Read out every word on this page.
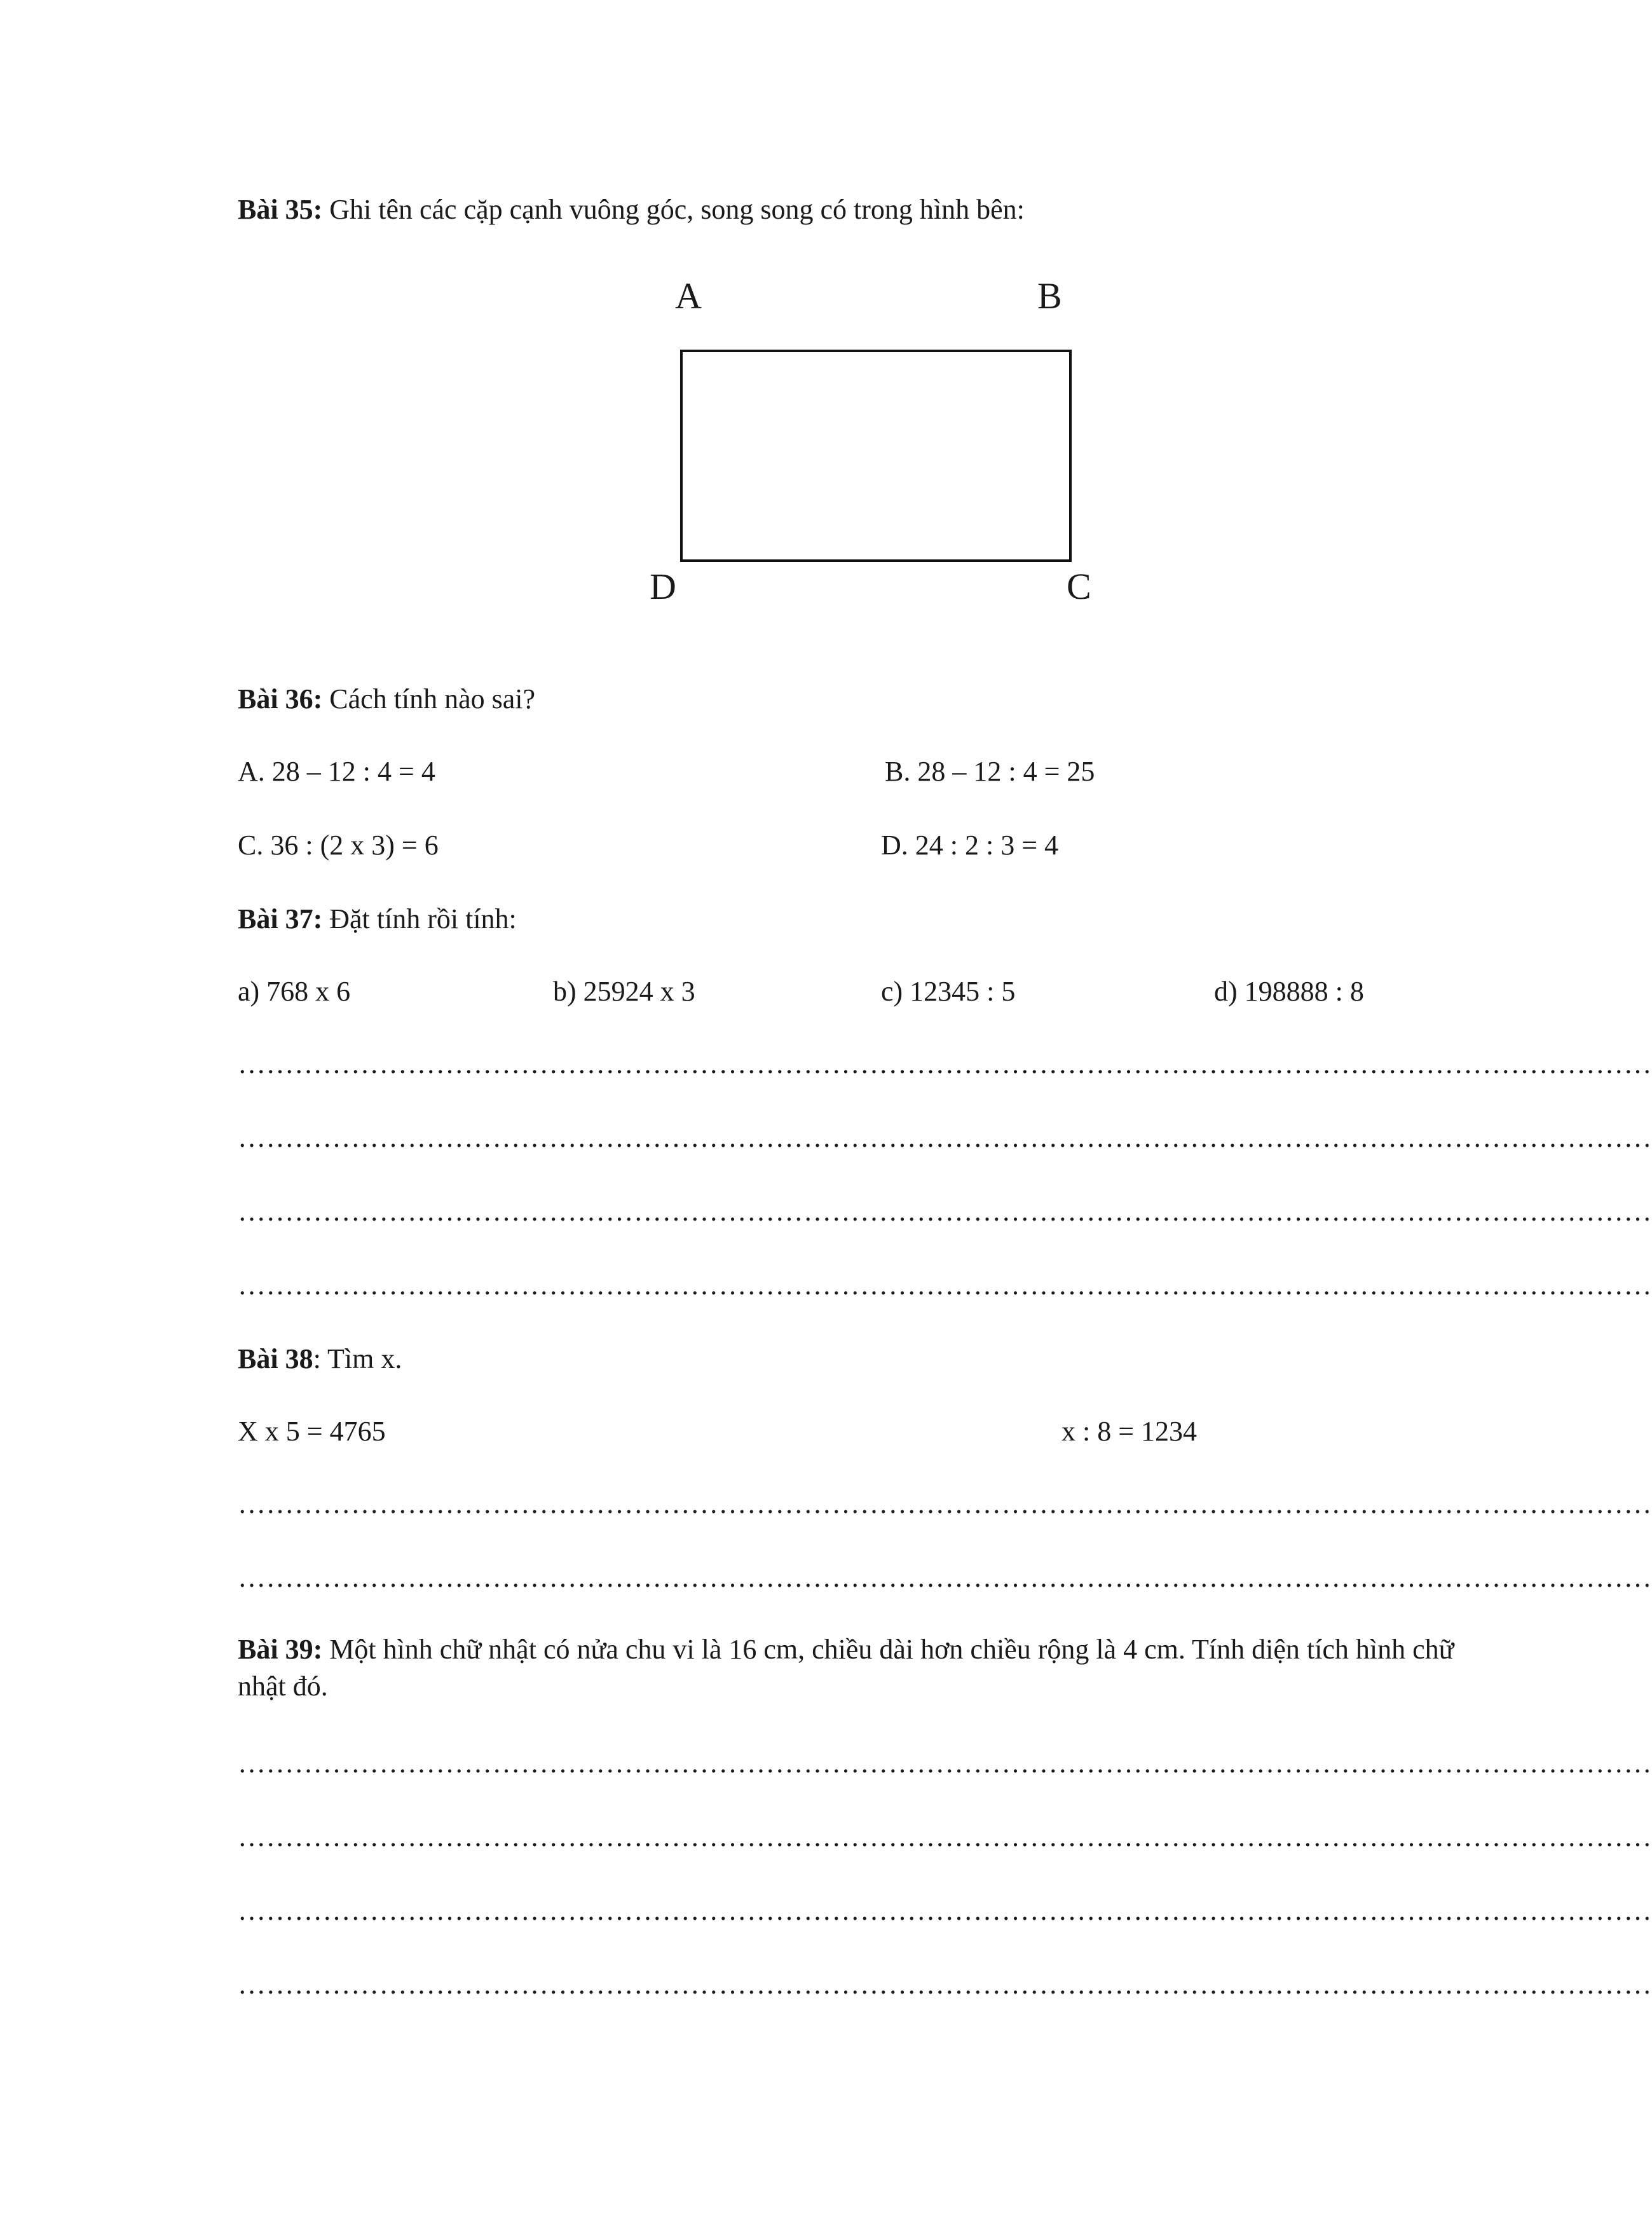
Bài 35: Ghi tên các cặp cạnh vuông góc, song song có trong hình bên:
A	B
D	C
Bài 36: Cách tính nào sai?
A. 28 – 12 : 4 = 4	B. 28 – 12 : 4 = 25
C. 36 : (2 x 3) = 6	D. 24 : 2 : 3 = 4
Bài 37: Đặt tính rồi tính:
a) 768 x 6	b) 25924 x 3	c) 12345 : 5	d) 198888 : 8
……………………………………………………………………………………………………………………………………
……………………………………………………………………………………………………………………………………
……………………………………………………………………………………………………………………………………
……………………………………………………………………………………………………………………………………
Bài 38: Tìm x.
X x 5 = 4765	x : 8 = 1234
……………………………………………………………………………………………………………………………………
……………………………………………………………………………………………………………………………………
Bài 39: Một hình chữ nhật có nửa chu vi là 16 cm, chiều dài hơn chiều rộng là 4 cm. Tính diện tích hình chữ nhật đó.
……………………………………………………………………………………………………………………………………
……………………………………………………………………………………………………………………………………
……………………………………………………………………………………………………………………………………
……………………………………………………………………………………………………………………………………
